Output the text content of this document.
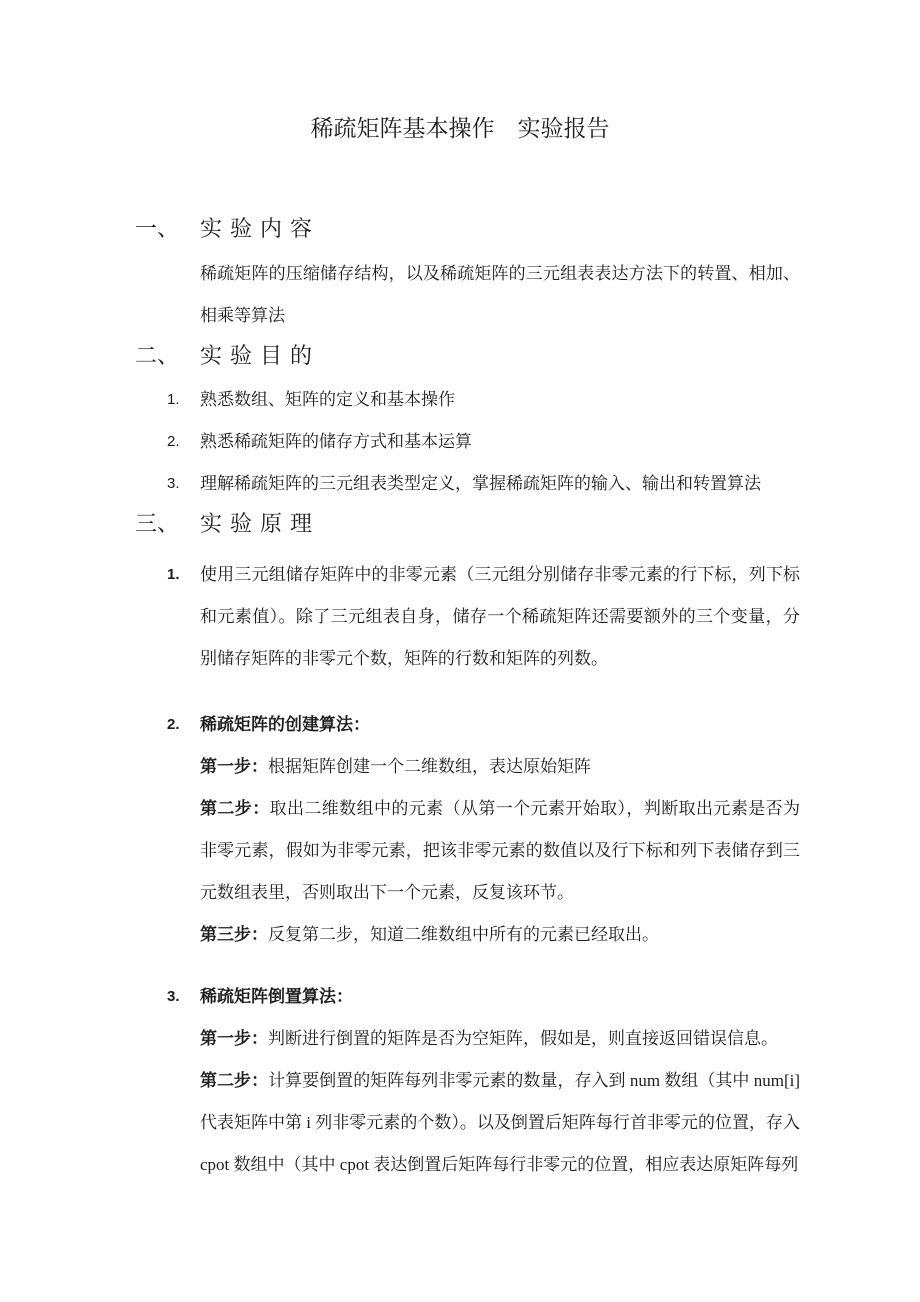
稀疏矩阵基本操作　实验报告
一、 实验内容

稀疏矩阵的压缩储存结构，以及稀疏矩阵的三元组表表达方法下的转置、相加、相乘等算法

二、 实验目的
1.	熟悉数组、矩阵的定义和基本操作
2.	熟悉稀疏矩阵的储存方式和基本运算
3.	理解稀疏矩阵的三元组表类型定义，掌握稀疏矩阵的输入、输出和转置算法
三、 实验原理
1.	使用三元组储存矩阵中的非零元素（三元组分别储存非零元素的行下标，列下标和元素值）。除了三元组表自身，储存一个稀疏矩阵还需要额外的三个变量，分别储存矩阵的非零元个数，矩阵的行数和矩阵的列数。
2.	稀疏矩阵的创建算法：

第一步：根据矩阵创建一个二维数组，表达原始矩阵

第二步：取出二维数组中的元素（从第一个元素开始取），判断取出元素是否为非零元素，假如为非零元素，把该非零元素的数值以及行下标和列下表储存到三元数组表里，否则取出下一个元素，反复该环节。

第三步：反复第二步，知道二维数组中所有的元素已经取出。

3.	稀疏矩阵倒置算法：

第一步：判断进行倒置的矩阵是否为空矩阵，假如是，则直接返回错误信息。

第二步：计算要倒置的矩阵每列非零元素的数量，存入到 num 数组（其中 num[i] 代表矩阵中第 i 列非零元素的个数）。以及倒置后矩阵每行首非零元的位置，存入 cpot 数组中（其中 cpot 表达倒置后矩阵每行非零元的位置，相应表达原矩阵每列
